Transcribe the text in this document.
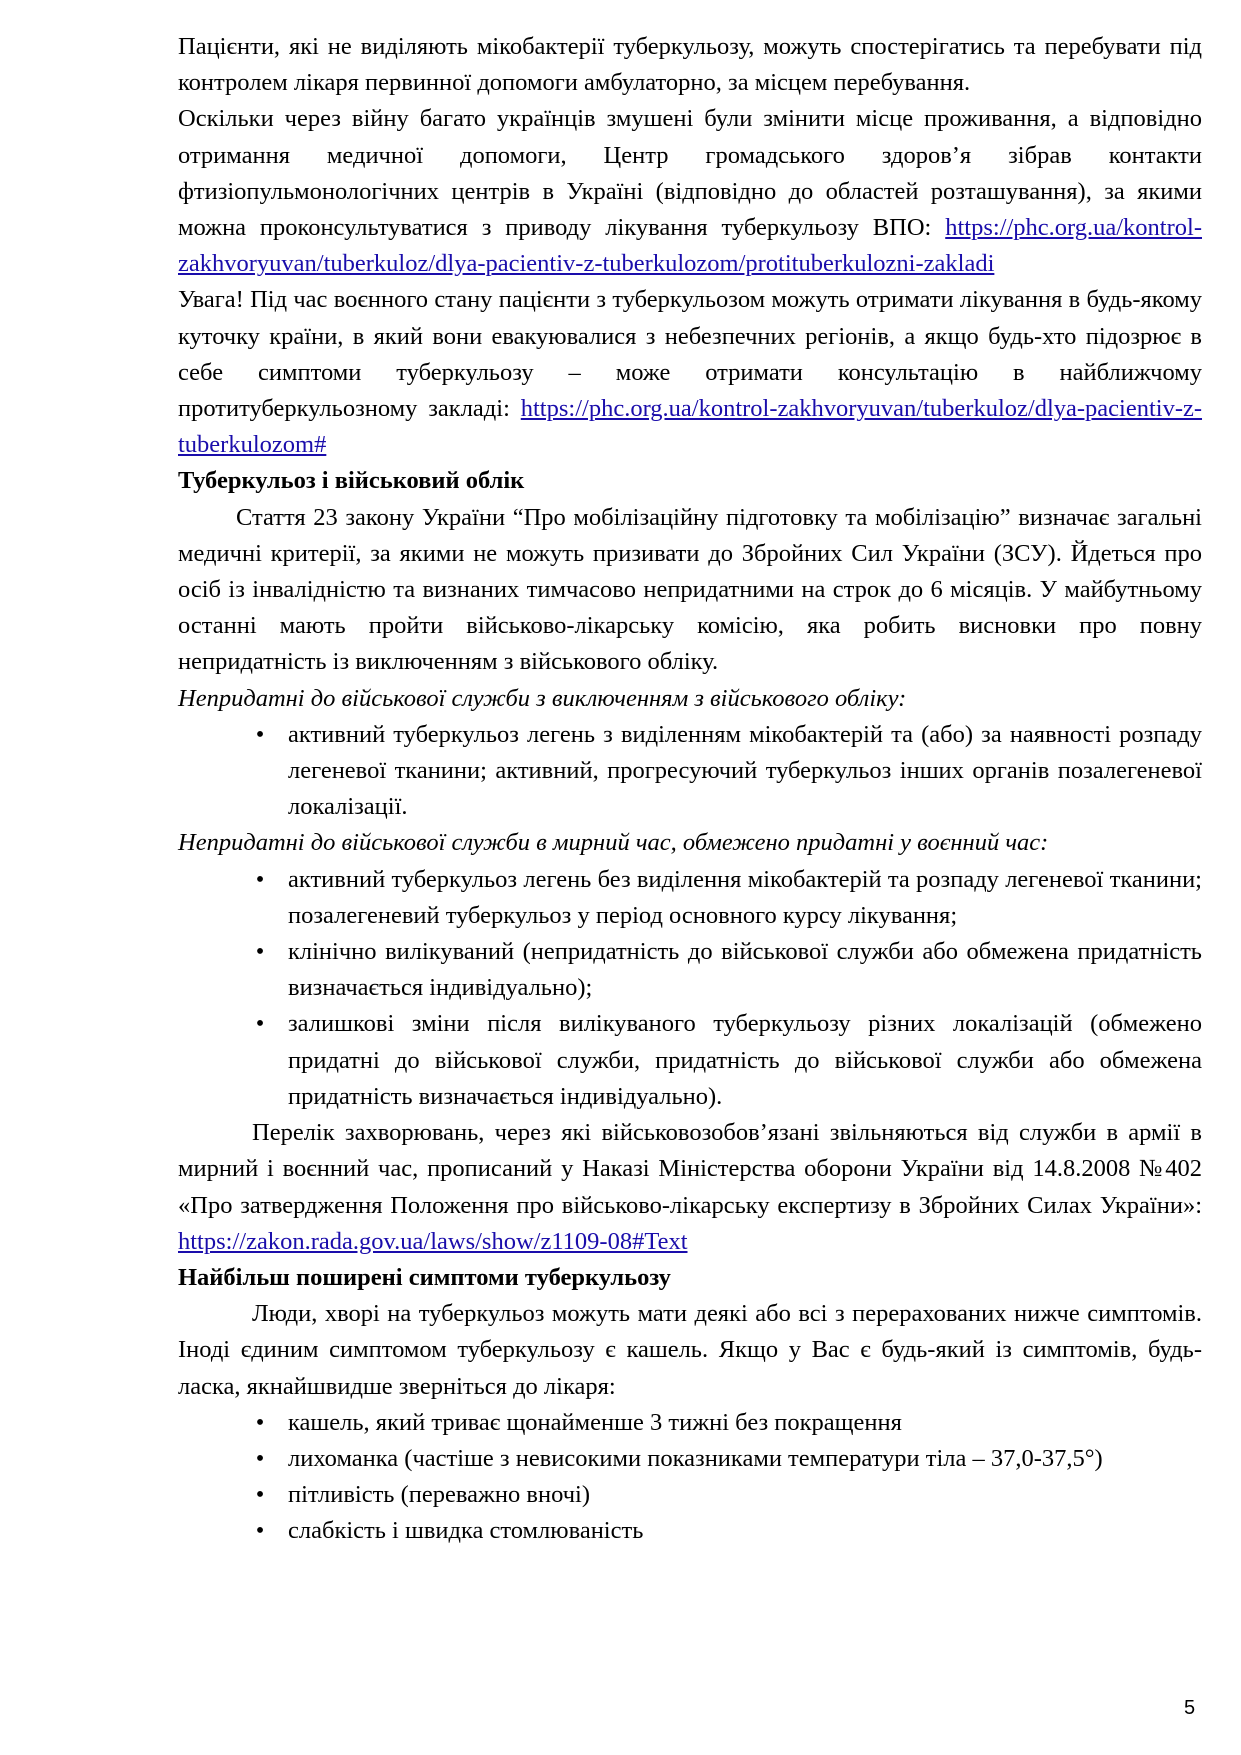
Пацієнти, які не виділяють мікобактерії туберкульозу, можуть спостерігатись та перебувати під контролем лікаря первинної допомоги амбулаторно, за місцем перебування.

Оскільки через війну багато українців змушені були змінити місце проживання, а відповідно отримання медичної допомоги, Центр громадського здоров’я зібрав контакти фтизіопульмонологічних центрів в Україні (відповідно до областей розташування), за якими можна проконсультуватися з приводу лікування туберкульозу ВПО: https://phc.org.ua/kontrol-zakhvoryuvan/tuberkuloz/dlya-pacientiv-z-tuberkulozom/protituberkulozni-zakladi

Увага! Під час воєнного стану пацієнти з туберкульозом можуть отримати лікування в будь-якому куточку країни, в який вони евакуювалися з небезпечних регіонів, а якщо будь-хто підозрює в себе симптоми туберкульозу – може отримати консультацію в найближчому протитуберкульозному закладі: https://phc.org.ua/kontrol-zakhvoryuvan/tuberkuloz/dlya-pacientiv-z-tuberkulozom#

Туберкульоз і військовий облік

Стаття 23 закону України “Про мобілізаційну підготовку та мобілізацію” визначає загальні медичні критерії, за якими не можуть призивати до Збройних Сил України (ЗСУ). Йдеться про осіб із інвалідністю та визнаних тимчасово непридатними на строк до 6 місяців. У майбутньому останні мають пройти військово-лікарську комісію, яка робить висновки про повну непридатність із виключенням з військового обліку.

Непридатні до військової служби з виключенням з військового обліку:

• активний туберкульоз легень з виділенням мікобактерій та (або) за наявності розпаду легеневої тканини; активний, прогресуючий туберкульоз інших органів позалегеневої локалізації.

Непридатні до військової служби в мирний час, обмежено придатні у воєнний час:

• активний туберкульоз легень без виділення мікобактерій та розпаду легеневої тканини; позалегеневий туберкульоз у період основного курсу лікування;
• клінічно вилікуваний (непридатність до військової служби або обмежена придатність визначається індивідуально);
• залишкові зміни після вилікуваного туберкульозу різних локалізацій (обмежено придатні до військової служби, придатність до військової служби або обмежена придатність визначається індивідуально).

Перелік захворювань, через які військовозобов’язані звільняються від служби в армії в мирний і воєнний час, прописаний у Наказі Міністерства оборони України від 14.8.2008 №402 «Про затвердження Положення про військово-лікарську експертизу в Збройних Силах України»: https://zakon.rada.gov.ua/laws/show/z1109-08#Text

Найбільш поширені симптоми туберкульозу

Люди, хворі на туберкульоз можуть мати деякі або всі з перерахованих нижче симптомів. Іноді єдиним симптомом туберкульозу є кашель. Якщо у Вас є будь-який із симптомів, будь-ласка, якнайшвидше зверніться до лікаря:

• кашель, який триває щонайменше 3 тижні без покращення
• лихоманка (частіше з невисокими показниками температури тіла – 37,0-37,5°)
• пітливість (переважно вночі)
• слабкість і швидка стомлюваність
5
